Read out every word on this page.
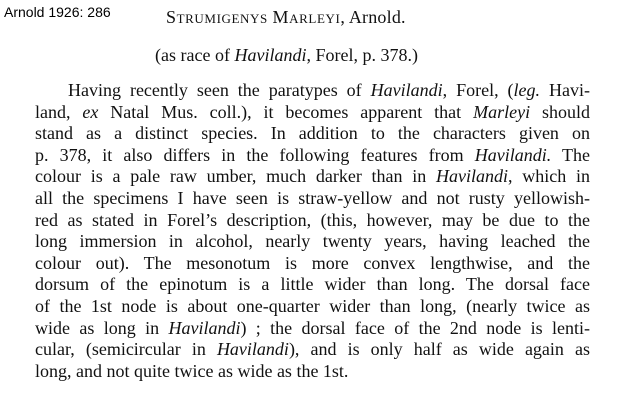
Arnold 1926: 286	Strumigenys Marleyi, Arnold.
(as race of Havilandi, Forel, p. 378.)
Having recently seen the paratypes of Havilandi, Forel, (leg. Havi-
land, ex Natal Mus. coll.), it becomes apparent that Marleyi should
stand as a distinct species. In addition to the characters given on
p. 378, it also differs in the following features from Havilandi. The
colour is a pale raw umber, much darker than in Havilandi, which in
all the specimens I have seen is straw-yellow and not rusty yellowish-
red as stated in Forel’s description, (this, however, may be due to the
long immersion in alcohol, nearly twenty years, having leached the
colour out). The mesonotum is more convex lengthwise, and the
dorsum of the epinotum is a little wider than long. The dorsal face
of the 1st node is about one-quarter wider than long, (nearly twice as
wide as long in Havilandi) ; the dorsal face of the 2nd node is lenti-
cular, (semicircular in Havilandi), and is only half as wide again as
long, and not quite twice as wide as the 1st.
